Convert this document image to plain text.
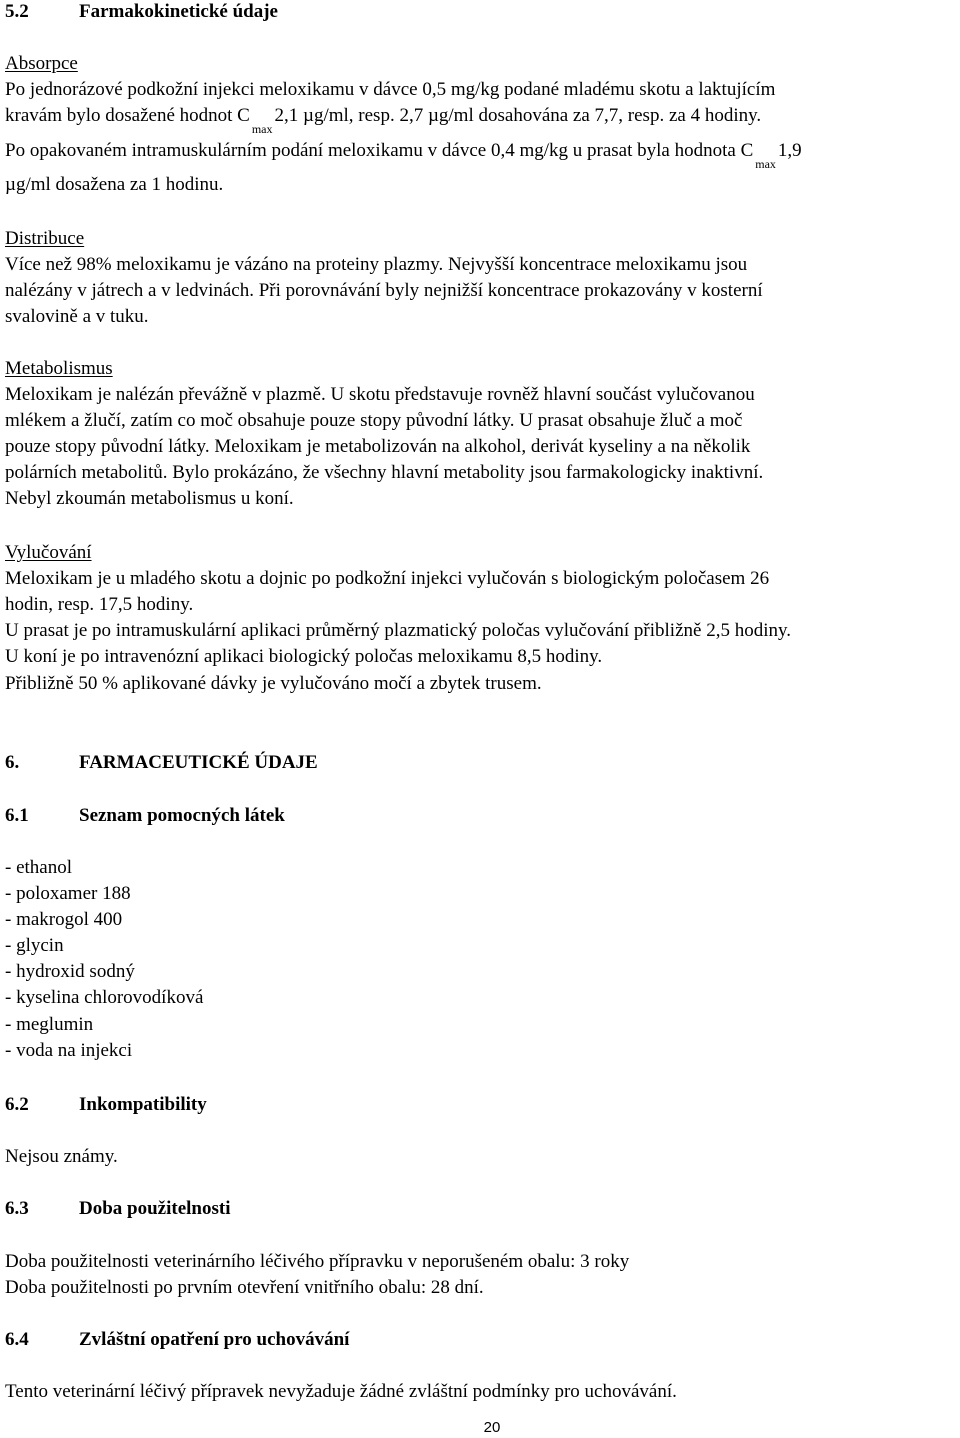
5.2	Farmakokinetické údaje
Absorpce
Po jednorázové podkožní injekci meloxikamu v dávce 0,5 mg/kg podané mladému skotu a laktujícím
kravám bylo dosažené hodnot $C_{max}2,1$ µg/ml, resp. 2,7 µg/ml dosahována za 7,7, resp. za 4 hodiny.
Po opakovaném intramuskulárním podání meloxikamu v dávce 0,4 mg/kg u prasat byla hodnota $C_{max}1,9$
µg/ml dosažena za 1 hodinu.
Distribuce
Více než 98% meloxikamu je vázáno na proteiny plazmy. Nejvyšší koncentrace meloxikamu jsou
nalézány v játrech a v ledvinách. Při porovnávání byly nejnižší koncentrace prokazovány v kosterní
svalovině a v tuku.
Metabolismus
Meloxikam je nalézán převážně v plazmě. U skotu představuje rovněž hlavní součást vylučovanou
mlékem a žlučí, zatím co moč obsahuje pouze stopy původní látky. U prasat obsahuje žluč a moč
pouze stopy původní látky. Meloxikam je metabolizován na alkohol, derivát kyseliny a na několik
polárních metabolitů. Bylo prokázáno, že všechny hlavní metabolity jsou farmakologicky inaktivní.
Nebyl zkoumán metabolismus u koní.
Vylučování
Meloxikam je u mladého skotu a dojnic po podkožní injekci vylučován s biologickým poločasem 26
hodin, resp. 17,5 hodiny.
U prasat je po intramuskulární aplikaci průměrný plazmatický poločas vylučování přibližně 2,5 hodiny.
U koní je po intravenózní aplikaci biologický poločas meloxikamu 8,5 hodiny.
Přibližně 50 % aplikované dávky je vylučováno močí a zbytek trusem.
6.	FARMACEUTICKÉ ÚDAJE
6.1	Seznam pomocných látek
- ethanol
- poloxamer 188
- makrogol 400
- glycin
- hydroxid sodný
- kyselina chlorovodíková
- meglumin
- voda na injekci
6.2	Inkompatibility
Nejsou známy.
6.3	Doba použitelnosti
Doba použitelnosti veterinárního léčivého přípravku v neporušeném obalu: 3 roky
Doba použitelnosti po prvním otevření vnitřního obalu: 28 dní.
6.4	Zvláštní opatření pro uchovávání
Tento veterinární léčivý přípravek nevyžaduje žádné zvláštní podmínky pro uchovávání.
20
